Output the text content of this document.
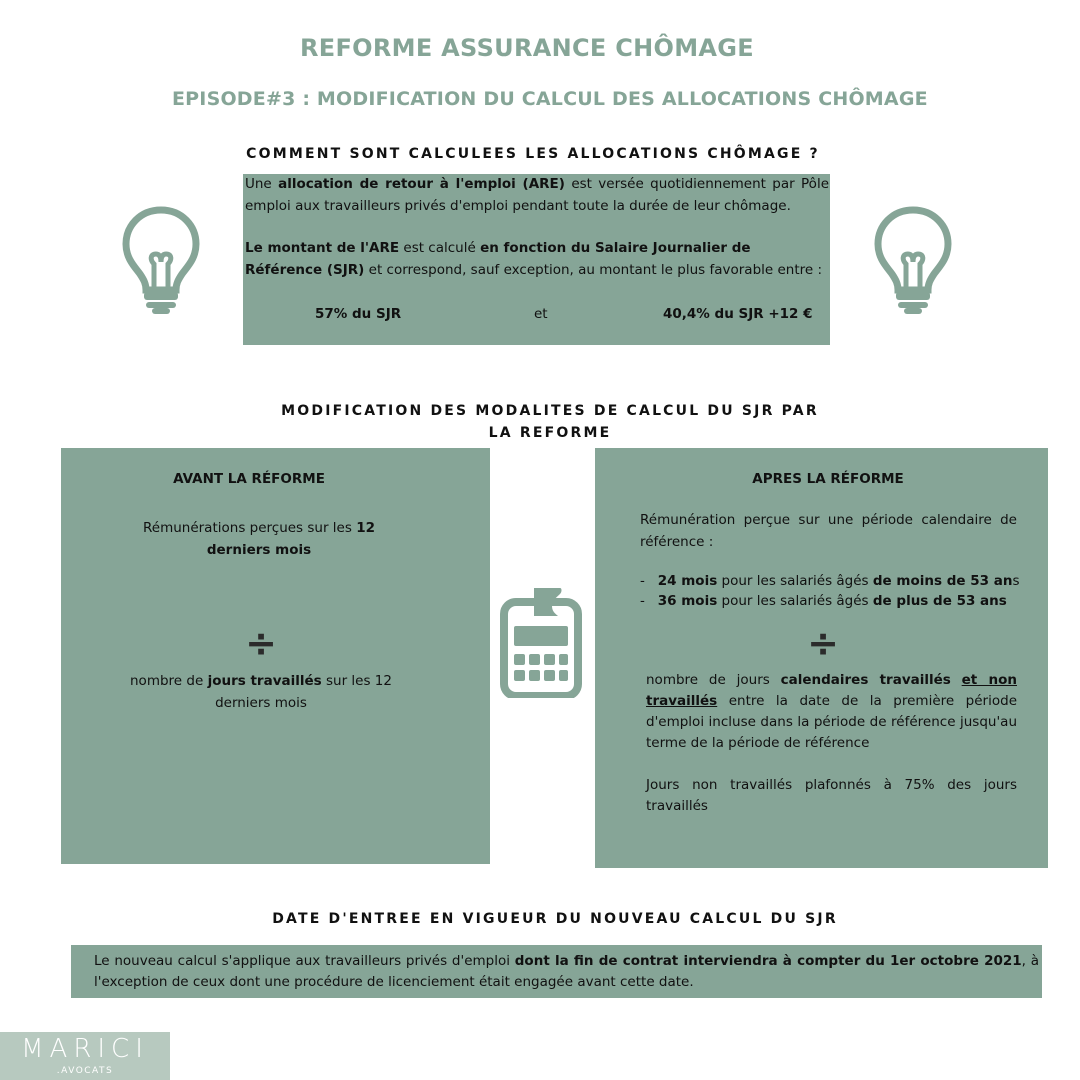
REFORME ASSURANCE CHÔMAGE
EPISODE#3 : MODIFICATION DU CALCUL DES ALLOCATIONS CHÔMAGE
COMMENT SONT CALCULEES LES ALLOCATIONS CHÔMAGE ?
Une allocation de retour à l'emploi (ARE) est versée quotidiennement par Pôle emploi aux travailleurs privés d'emploi pendant toute la durée de leur chômage.
Le montant de l'ARE est calculé en fonction du Salaire Journalier de Référence (SJR) et correspond, sauf exception, au montant le plus favorable entre :
57% du SJR	et	40,4% du SJR +12 €
MODIFICATION DES MODALITES DE CALCUL DU SJR PAR LA REFORME
AVANT LA RÉFORME
Rémunérations perçues sur les 12 derniers mois
÷
nombre de jours travaillés sur les 12 derniers mois
APRES LA RÉFORME
Rémunération perçue sur une période calendaire de référence :
- 24 mois pour les salariés âgés de moins de 53 ans
- 36 mois pour les salariés âgés de plus de 53 ans
÷
nombre de jours calendaires travaillés et non travaillés entre la date de la première période d'emploi incluse dans la période de référence jusqu'au terme de la période de référence
Jours non travaillés plafonnés à 75% des jours travaillés
DATE D'ENTREE EN VIGUEUR DU NOUVEAU CALCUL DU SJR
Le nouveau calcul s'applique aux travailleurs privés d'emploi dont la fin de contrat interviendra à compter du 1er octobre 2021, à l'exception de ceux dont une procédure de licenciement était engagée avant cette date.
MARICI
.AVOCATS
